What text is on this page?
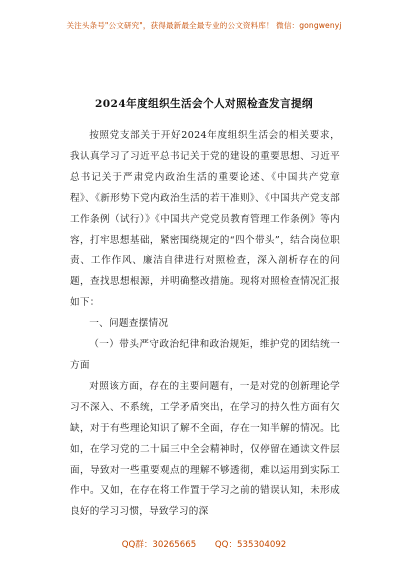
关注头条号"公文研究"，获得最新最全最专业的公文资料库！ 微信：gongwenyj
2024年度组织生活会个人对照检查发言提纲

按照党支部关于开好2024年度组织生活会的相关要求，我认真学习了习近平总书记关于党的建设的重要思想、习近平总书记关于严肃党内政治生活的重要论述、《中国共产党章程》、《新形势下党内政治生活的若干准则》、《中国共产党支部工作条例（试行）》《中国共产党党员教育管理工作条例》等内容，打牢思想基础，紧密围绕规定的“四个带头”，结合岗位职责、工作作风、廉洁自律进行对照检查，深入剖析存在的问题，查找思想根源，并明确整改措施。现将对照检查情况汇报如下：

一、问题查摆情况

（一）带头严守政治纪律和政治规矩，维护党的团结统一方面

对照该方面，存在的主要问题有，一是对党的创新理论学习不深入、不系统，工学矛盾突出，在学习的持久性方面有欠缺，对于有些理论知识了解不全面，存在一知半解的情况。比如，在学习党的二十届三中全会精神时，仅停留在通读文件层面，导致对一些重要观点的理解不够透彻，难以运用到实际工作中。又如，在存在将工作置于学习之前的错误认知，未形成良好的学习习惯，导致学习的深

QQ群：30265665 QQ：535304092
